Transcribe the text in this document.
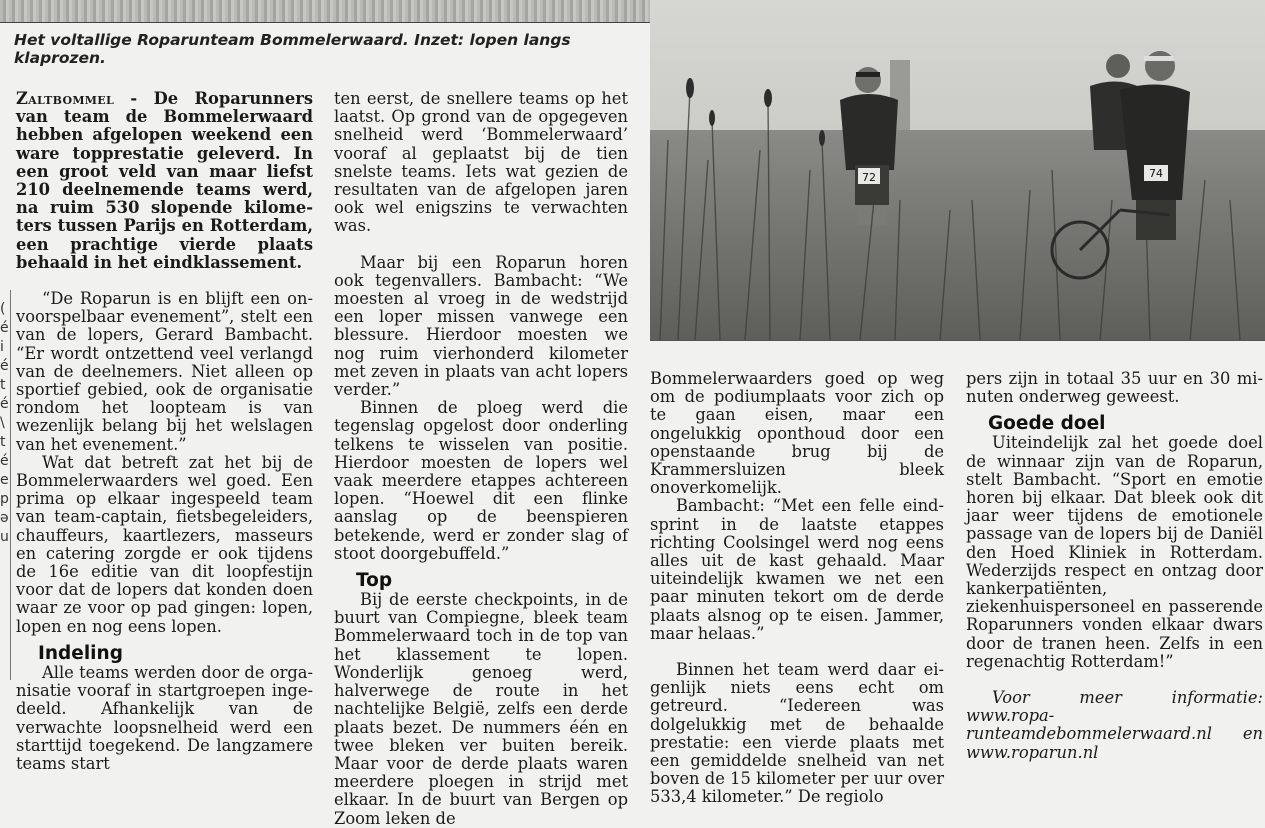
Het voltallige Roparunteam Bommelerwaard. Inzet: lopen langs klaprozen.
72	74
(
é
i
é
t
é
\
t
é
e
p
ə
u

Zaltbommel - De Roparunners van team de Bommelerwaard hebben afgelopen weekend een ware topprestatie geleverd. In een groot veld van maar liefst 210 deelnemende teams werd, na ruim 530 slopende kilometers tussen Parijs en Rotterdam, een prachtige vierde plaats behaald in het eindklassement.

“De Roparun is en blijft een onvoorspelbaar evenement”, stelt een van de lopers, Gerard Bambacht. “Er wordt ontzettend veel verlangd van de deelnemers. Niet alleen op sportief gebied, ook de organisatie rondom het loopteam is van wezenlijk belang bij het welslagen van het evenement.”

Wat dat betreft zat het bij de Bommelerwaarders wel goed. Een prima op elkaar ingespeeld team van team-captain, fietsbegeleiders, chauffeurs, kaartlezers, masseurs en catering zorgde er ook tijdens de 16e editie van dit loopfestijn voor dat de lopers dat konden doen waar ze voor op pad gingen: lopen, lopen en nog eens lopen.

Indeling

Alle teams werden door de organisatie vooraf in startgroepen ingedeeld. Afhankelijk van de verwachte loopsnelheid werd een starttijd toegekend. De langzamere teams start

ten eerst, de snellere teams op het laatst. Op grond van de opgegeven snelheid werd ‘Bommelerwaard’ vooraf al geplaatst bij de tien snelste teams. Iets wat gezien de resultaten van de afgelopen jaren ook wel enigszins te verwachten was.

Maar bij een Roparun horen ook tegenvallers. Bambacht: “We moesten al vroeg in de wedstrijd een loper missen vanwege een blessure. Hierdoor moesten we nog ruim vierhonderd kilometer met zeven in plaats van acht lopers verder.”

Binnen de ploeg werd die tegenslag opgelost door onderling telkens te wisselen van positie. Hierdoor moesten de lopers wel vaak meerdere etappes achtereen lopen. “Hoewel dit een flinke aanslag op de beenspieren betekende, werd er zonder slag of stoot doorgebuffeld.”

Top

Bij de eerste checkpoints, in de buurt van Compiegne, bleek team Bommelerwaard toch in de top van het klassement te lopen. Wonderlijk genoeg werd, halverwege de route in het nachtelijke België, zelfs een derde plaats bezet. De nummers één en twee bleken ver buiten bereik. Maar voor de derde plaats waren meerdere ploegen in strijd met elkaar. In de buurt van Bergen op Zoom leken de

Bommelerwaarders goed op weg om de podiumplaats voor zich op te gaan eisen, maar een ongelukkig oponthoud door een openstaande brug bij de Krammersluizen bleek onoverkomelijk.

Bambacht: “Met een felle eindsprint in de laatste etappes richting Coolsingel werd nog eens alles uit de kast gehaald. Maar uiteindelijk kwamen we net een paar minuten tekort om de derde plaats alsnog op te eisen. Jammer, maar helaas.”

Binnen het team werd daar eigenlijk niets eens echt om getreurd. “Iedereen was dolgelukkig met de behaalde prestatie: een vierde plaats met een gemiddelde snelheid van net boven de 15 kilometer per uur over 533,4 kilometer.” De regiolo

pers zijn in totaal 35 uur en 30 minuten onderweg geweest.

Goede doel

Uiteindelijk zal het goede doel de winnaar zijn van de Roparun, stelt Bambacht. “Sport en emotie horen bij elkaar. Dat bleek ook dit jaar weer tijdens de emotionele passage van de lopers bij de Daniël den Hoed Kliniek in Rotterdam. Wederzijds respect en ontzag door kankerpatiënten, ziekenhuispersoneel en passerende Roparunners vonden elkaar dwars door de tranen heen. Zelfs in een regenachtig Rotterdam!”

Voor meer informatie: www.roparunteamdebommelerwaard.nl en www.roparun.nl
